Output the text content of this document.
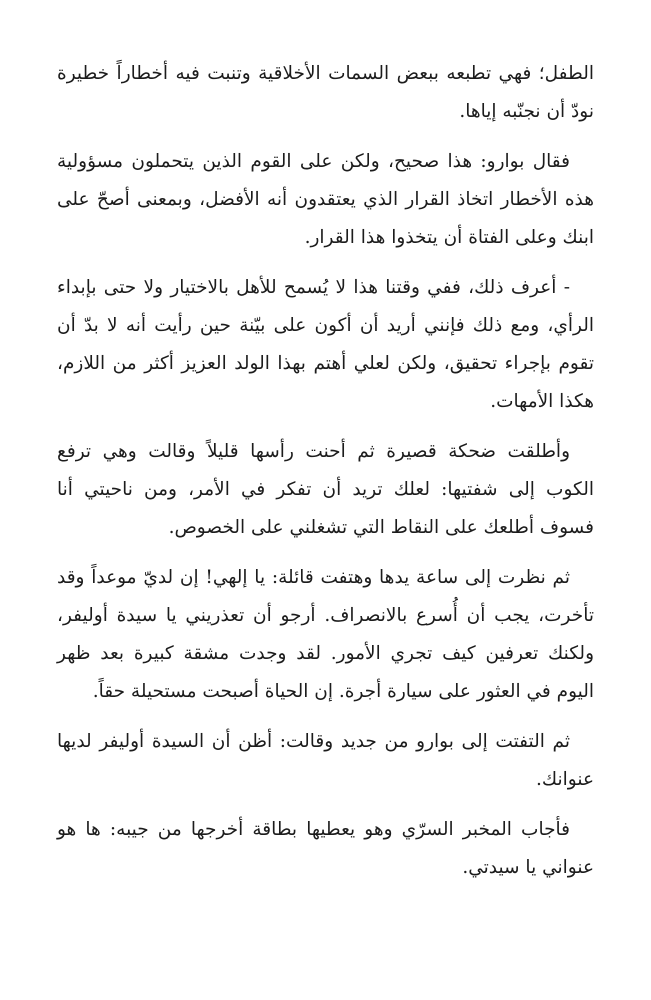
الطفل؛ فهي تطبعه ببعض السمات الأخلاقية وتنبت فيه أخطاراً خطيرة نودّ أن نجنّبه إياها.

فقال بوارو: هذا صحيح، ولكن على القوم الذين يتحملون مسؤولية هذه الأخطار اتخاذ القرار الذي يعتقدون أنه الأفضل، وبمعنى أصحّ على ابنك وعلى الفتاة أن يتخذوا هذا القرار.

- أعرف ذلك، ففي وقتنا هذا لا يُسمح للأهل بالاختيار ولا حتى بإبداء الرأي، ومع ذلك فإنني أريد أن أكون على بيّنة حين رأيت أنه لا بدّ أن تقوم بإجراء تحقيق، ولكن لعلي أهتم بهذا الولد العزيز أكثر من اللازم، هكذا الأمهات.

وأطلقت ضحكة قصيرة ثم أحنت رأسها قليلاً وقالت وهي ترفع الكوب إلى شفتيها: لعلك تريد أن تفكر في الأمر، ومن ناحيتي أنا فسوف أطلعك على النقاط التي تشغلني على الخصوص.

ثم نظرت إلى ساعة يدها وهتفت قائلة: يا إلهي! إن لديّ موعداً وقد تأخرت، يجب أن أُسرع بالانصراف. أرجو أن تعذريني يا سيدة أوليفر، ولكنك تعرفين كيف تجري الأمور. لقد وجدت مشقة كبيرة بعد ظهر اليوم في العثور على سيارة أجرة. إن الحياة أصبحت مستحيلة حقاً.

ثم التفتت إلى بوارو من جديد وقالت: أظن أن السيدة أوليفر لديها عنوانك.

فأجاب المخبر السرّي وهو يعطيها بطاقة أخرجها من جيبه: ها هو عنواني يا سيدتي.
